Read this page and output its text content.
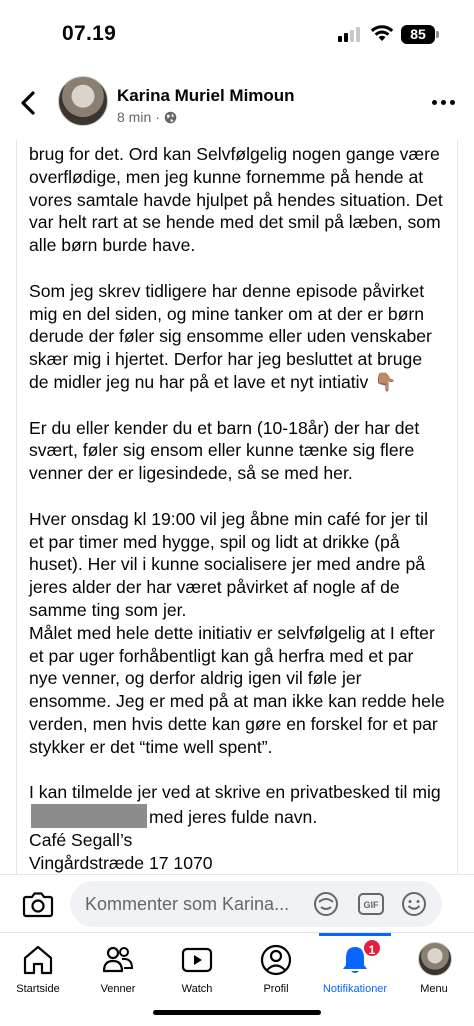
07.19	85
Karina Muriel Mimoun
8 min ·

brug for det. Ord kan Selvfølgelig nogen gange være overflødige, men jeg kunne fornemme på hende at vores samtale havde hjulpet på hendes situation. Det var helt rart at se hende med det smil på læben, som alle børn burde have.

Som jeg skrev tidligere har denne episode påvirket mig en del siden, og mine tanker om at der er børn derude der føler sig ensomme eller uden venskaber skær mig i hjertet. Derfor har jeg besluttet at bruge de midler jeg nu har på et lave et nyt intiativ 👇🏽

Er du eller kender du et barn (10-18år) der har det svært, føler sig ensom eller kunne tænke sig flere venner der er ligesindede, så se med her.

Hver onsdag kl 19:00 vil jeg åbne min café for jer til et par timer med hygge, spil og lidt at drikke (på huset). Her vil i kunne socialisere jer med andre på jeres alder der har været påvirket af nogle af de samme ting som jer.

Målet med hele dette initiativ er selvfølgelig at I efter et par uger forhåbentligt kan gå herfra med et par nye venner, og derfor aldrig igen vil føle jer ensomme. Jeg er med på at man ikke kan redde hele verden, men hvis dette kan gøre en forskel for et par stykker er det “time well spent”.

I kan tilmelde jer ved at skrive en privatbesked til migmed jeres fulde navn.

Café Segall’s

Vingårdstræde 17 1070

Kommenter som Karina...	GIF
Startside	Venner	Watch	Profil	Notifikationer	Menu
1
